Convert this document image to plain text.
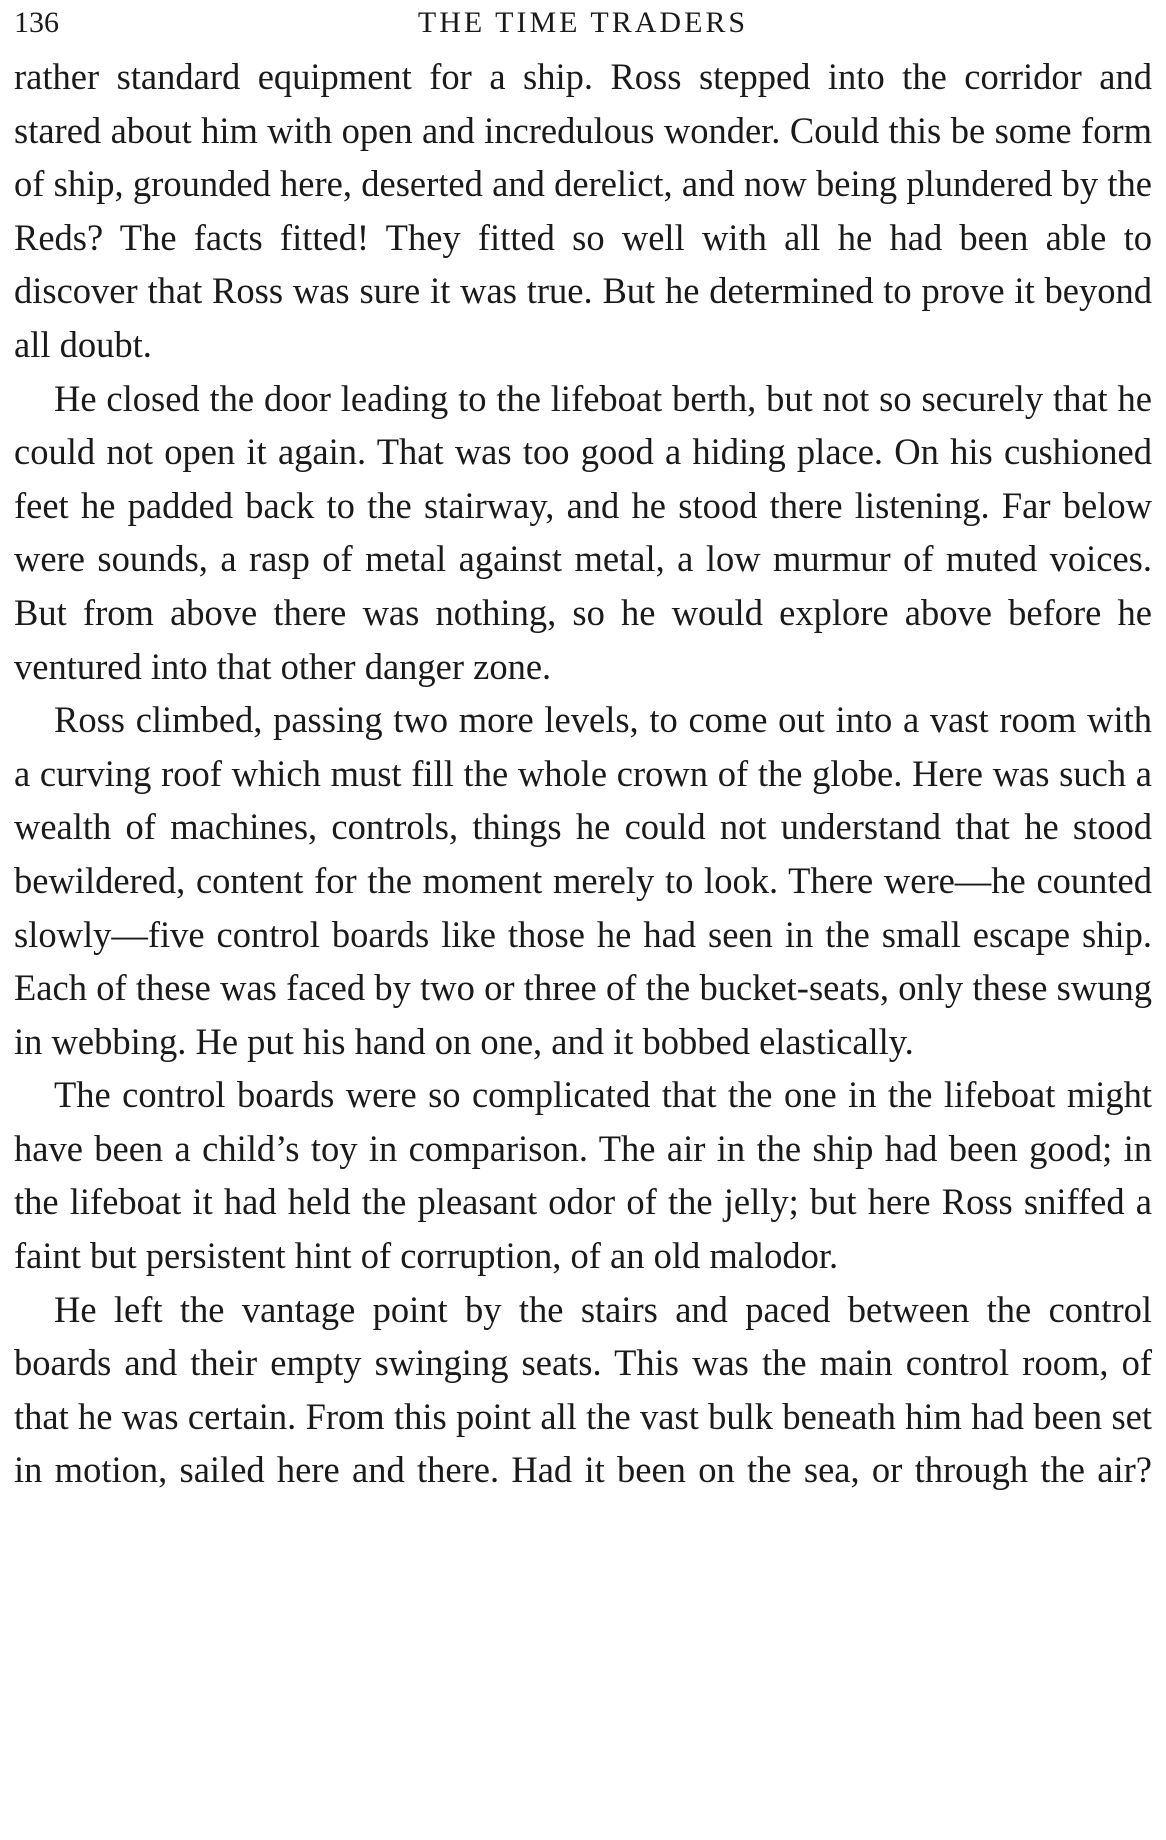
136	THE TIME TRADERS

rather standard equipment for a ship. Ross stepped into the corridor and stared about him with open and incredulous wonder. Could this be some form of ship, grounded here, deserted and derelict, and now being plundered by the Reds? The facts fitted! They fitted so well with all he had been able to discover that Ross was sure it was true. But he determined to prove it beyond all doubt.

He closed the door leading to the lifeboat berth, but not so securely that he could not open it again. That was too good a hiding place. On his cushioned feet he padded back to the stairway, and he stood there listening. Far below were sounds, a rasp of metal against metal, a low murmur of muted voices. But from above there was nothing, so he would explore above before he ventured into that other danger zone.

Ross climbed, passing two more levels, to come out into a vast room with a curving roof which must fill the whole crown of the globe. Here was such a wealth of machines, controls, things he could not understand that he stood bewildered, content for the moment merely to look. There were—he counted slowly—five control boards like those he had seen in the small escape ship. Each of these was faced by two or three of the bucket-seats, only these swung in webbing. He put his hand on one, and it bobbed elastically.

The control boards were so complicated that the one in the lifeboat might have been a child’s toy in comparison. The air in the ship had been good; in the lifeboat it had held the pleasant odor of the jelly; but here Ross sniffed a faint but persistent hint of corruption, of an old malodor.

He left the vantage point by the stairs and paced between the control boards and their empty swinging seats. This was the main control room, of that he was certain. From this point all the vast bulk beneath him had been set in motion, sailed here and there. Had it been on the sea, or through the air?
